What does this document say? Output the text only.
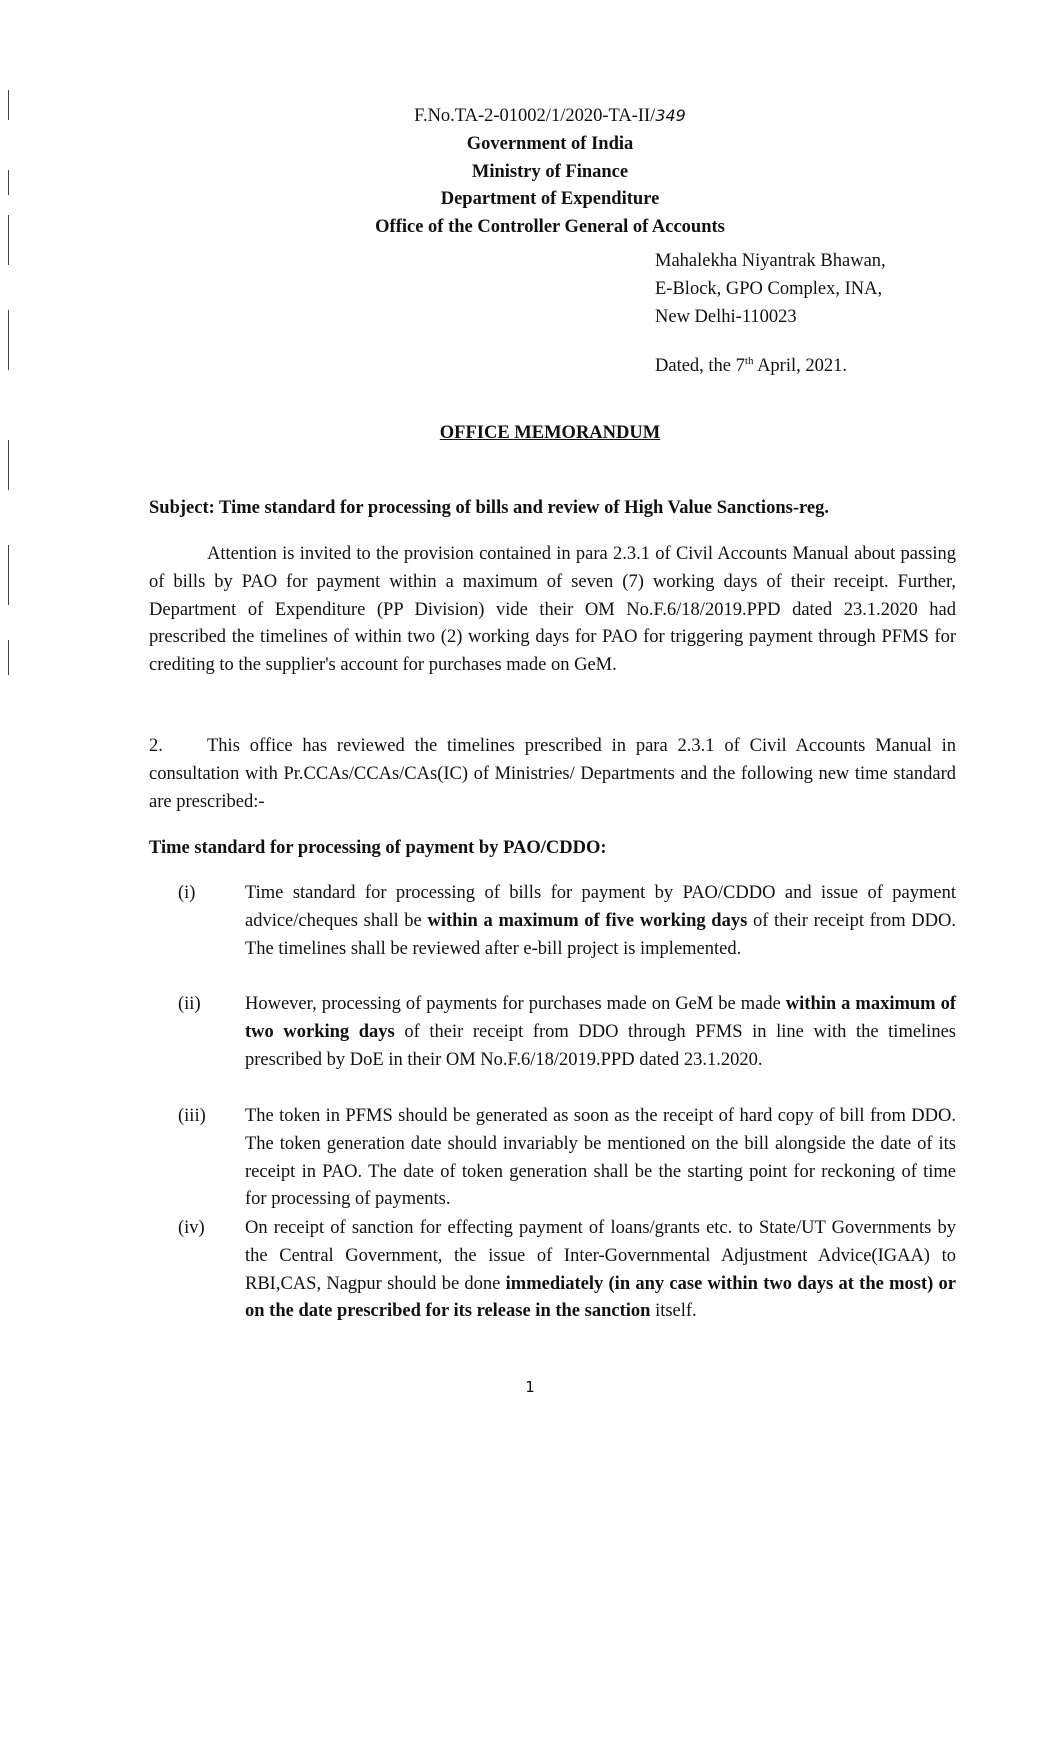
F.No.TA-2-01002/1/2020-TA-II/349
Government of India
Ministry of Finance
Department of Expenditure
Office of the Controller General of Accounts
Mahalekha Niyantrak Bhawan,
E-Block, GPO Complex, INA,
New Delhi-110023
Dated, the 7th April, 2021.
OFFICE MEMORANDUM
Subject: Time standard for processing of bills and review of High Value Sanctions-reg.
Attention is invited to the provision contained in para 2.3.1 of Civil Accounts Manual about passing of bills by PAO for payment within a maximum of seven (7) working days of their receipt. Further, Department of Expenditure (PP Division) vide their OM No.F.6/18/2019.PPD dated 23.1.2020 had prescribed the timelines of within two (2) working days for PAO for triggering payment through PFMS for crediting to the supplier's account for purchases made on GeM.
2. This office has reviewed the timelines prescribed in para 2.3.1 of Civil Accounts Manual in consultation with Pr.CCAs/CCAs/CAs(IC) of Ministries/ Departments and the following new time standard are prescribed:-
Time standard for processing of payment by PAO/CDDO:
(i)	Time standard for processing of bills for payment by PAO/CDDO and issue of payment advice/cheques shall be within a maximum of five working days of their receipt from DDO. The timelines shall be reviewed after e-bill project is implemented.
(ii) However, processing of payments for purchases made on GeM be made within a maximum of two working days of their receipt from DDO through PFMS in line with the timelines prescribed by DoE in their OM No.F.6/18/2019.PPD dated 23.1.2020.
(iii) The token in PFMS should be generated as soon as the receipt of hard copy of bill from DDO. The token generation date should invariably be mentioned on the bill alongside the date of its receipt in PAO. The date of token generation shall be the starting point for reckoning of time for processing of payments.
(iv) On receipt of sanction for effecting payment of loans/grants etc. to State/UT Governments by the Central Government, the issue of Inter-Governmental Adjustment Advice(IGAA) to RBI,CAS, Nagpur should be done immediately (in any case within two days at the most) or on the date prescribed for its release in the sanction itself.
1
